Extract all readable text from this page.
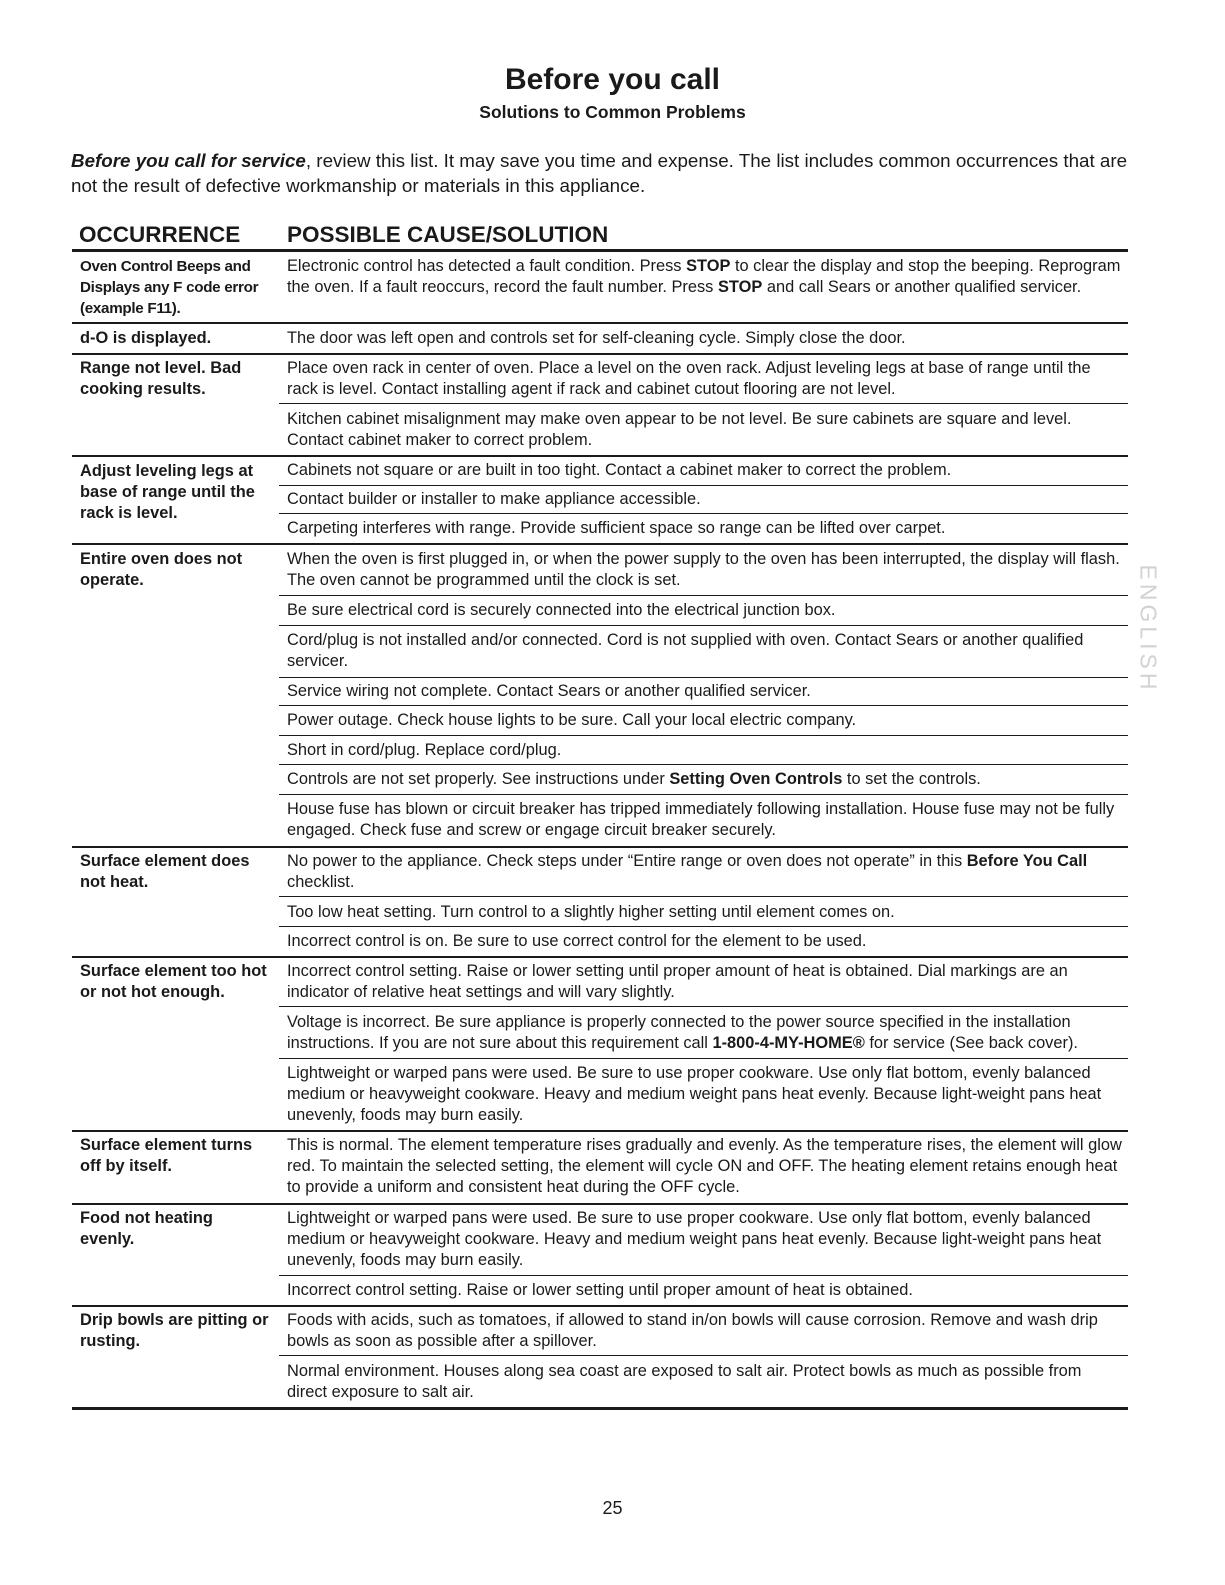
Before you call
Solutions to Common Problems
Before you call for service, review this list. It may save you time and expense. The list includes common occurrences that are not the result of defective workmanship or materials in this appliance.
OCCURRENCE POSSIBLE CAUSE/SOLUTION
Oven Control Beeps and Displays any F code error (example F11).
d-O is displayed.
Range not level. Bad cooking results.
Adjust leveling legs at base of range until the rack is level.
Entire oven does not operate.
Surface element does not heat.
Surface element too hot or not hot enough.
Surface element turns off by itself.
Food not heating evenly.
Drip bowls are pitting or rusting.
Electronic control has detected a fault condition. Press STOP to clear the display and stop the beeping. Reprogram the oven. If a fault reoccurs, record the fault number. Press STOP and call Sears or another qualified servicer.
The door was left open and controls set for self-cleaning cycle. Simply close the door.
Place oven rack in center of oven. Place a level on the oven rack. Adjust leveling legs at base of range until the rack is level. Contact installing agent if rack and cabinet cutout flooring are not level.
Kitchen cabinet misalignment may make oven appear to be not level. Be sure cabinets are square and level. Contact cabinet maker to correct problem.
Cabinets not square or are built in too tight. Contact a cabinet maker to correct the problem.
Contact builder or installer to make appliance accessible.
Carpeting interferes with range. Provide sufficient space so range can be lifted over carpet.
When the oven is first plugged in, or when the power supply to the oven has been interrupted, the display will flash. The oven cannot be programmed until the clock is set.
Be sure electrical cord is securely connected into the electrical junction box.
Cord/plug is not installed and/or connected. Cord is not supplied with oven. Contact Sears or another qualified servicer.
Service wiring not complete. Contact Sears or another qualified servicer.
Power outage. Check house lights to be sure. Call your local electric company.
Short in cord/plug. Replace cord/plug.
Controls are not set properly. See instructions under Setting Oven Controls to set the controls.
House fuse has blown or circuit breaker has tripped immediately following installation. House fuse may not be fully engaged. Check fuse and screw or engage circuit breaker securely.
No power to the appliance. Check steps under “Entire range or oven does not operate” in this Before You Call checklist.
Too low heat setting. Turn control to a slightly higher setting until element comes on.
Incorrect control is on. Be sure to use correct control for the element to be used.
Incorrect control setting. Raise or lower setting until proper amount of heat is obtained. Dial markings are an indicator of relative heat settings and will vary slightly.
Voltage is incorrect. Be sure appliance is properly connected to the power source specified in the installation instructions. If you are not sure about this requirement call 1-800-4-MY-HOME® for service (See back cover).
Lightweight or warped pans were used. Be sure to use proper cookware. Use only flat bottom, evenly balanced medium or heavyweight cookware. Heavy and medium weight pans heat evenly. Because light-weight pans heat unevenly, foods may burn easily.
This is normal. The element temperature rises gradually and evenly. As the temperature rises, the element will glow red. To maintain the selected setting, the element will cycle ON and OFF. The heating element retains enough heat to provide a uniform and consistent heat during the OFF cycle.
Lightweight or warped pans were used. Be sure to use proper cookware. Use only flat bottom, evenly balanced medium or heavyweight cookware. Heavy and medium weight pans heat evenly. Because light-weight pans heat unevenly, foods may burn easily.
Incorrect control setting. Raise or lower setting until proper amount of heat is obtained.
Foods with acids, such as tomatoes, if allowed to stand in/on bowls will cause corrosion. Remove and wash drip bowls as soon as possible after a spillover.
Normal environment. Houses along sea coast are exposed to salt air. Protect bowls as much as possible from direct exposure to salt air.
ENGLISH
25
